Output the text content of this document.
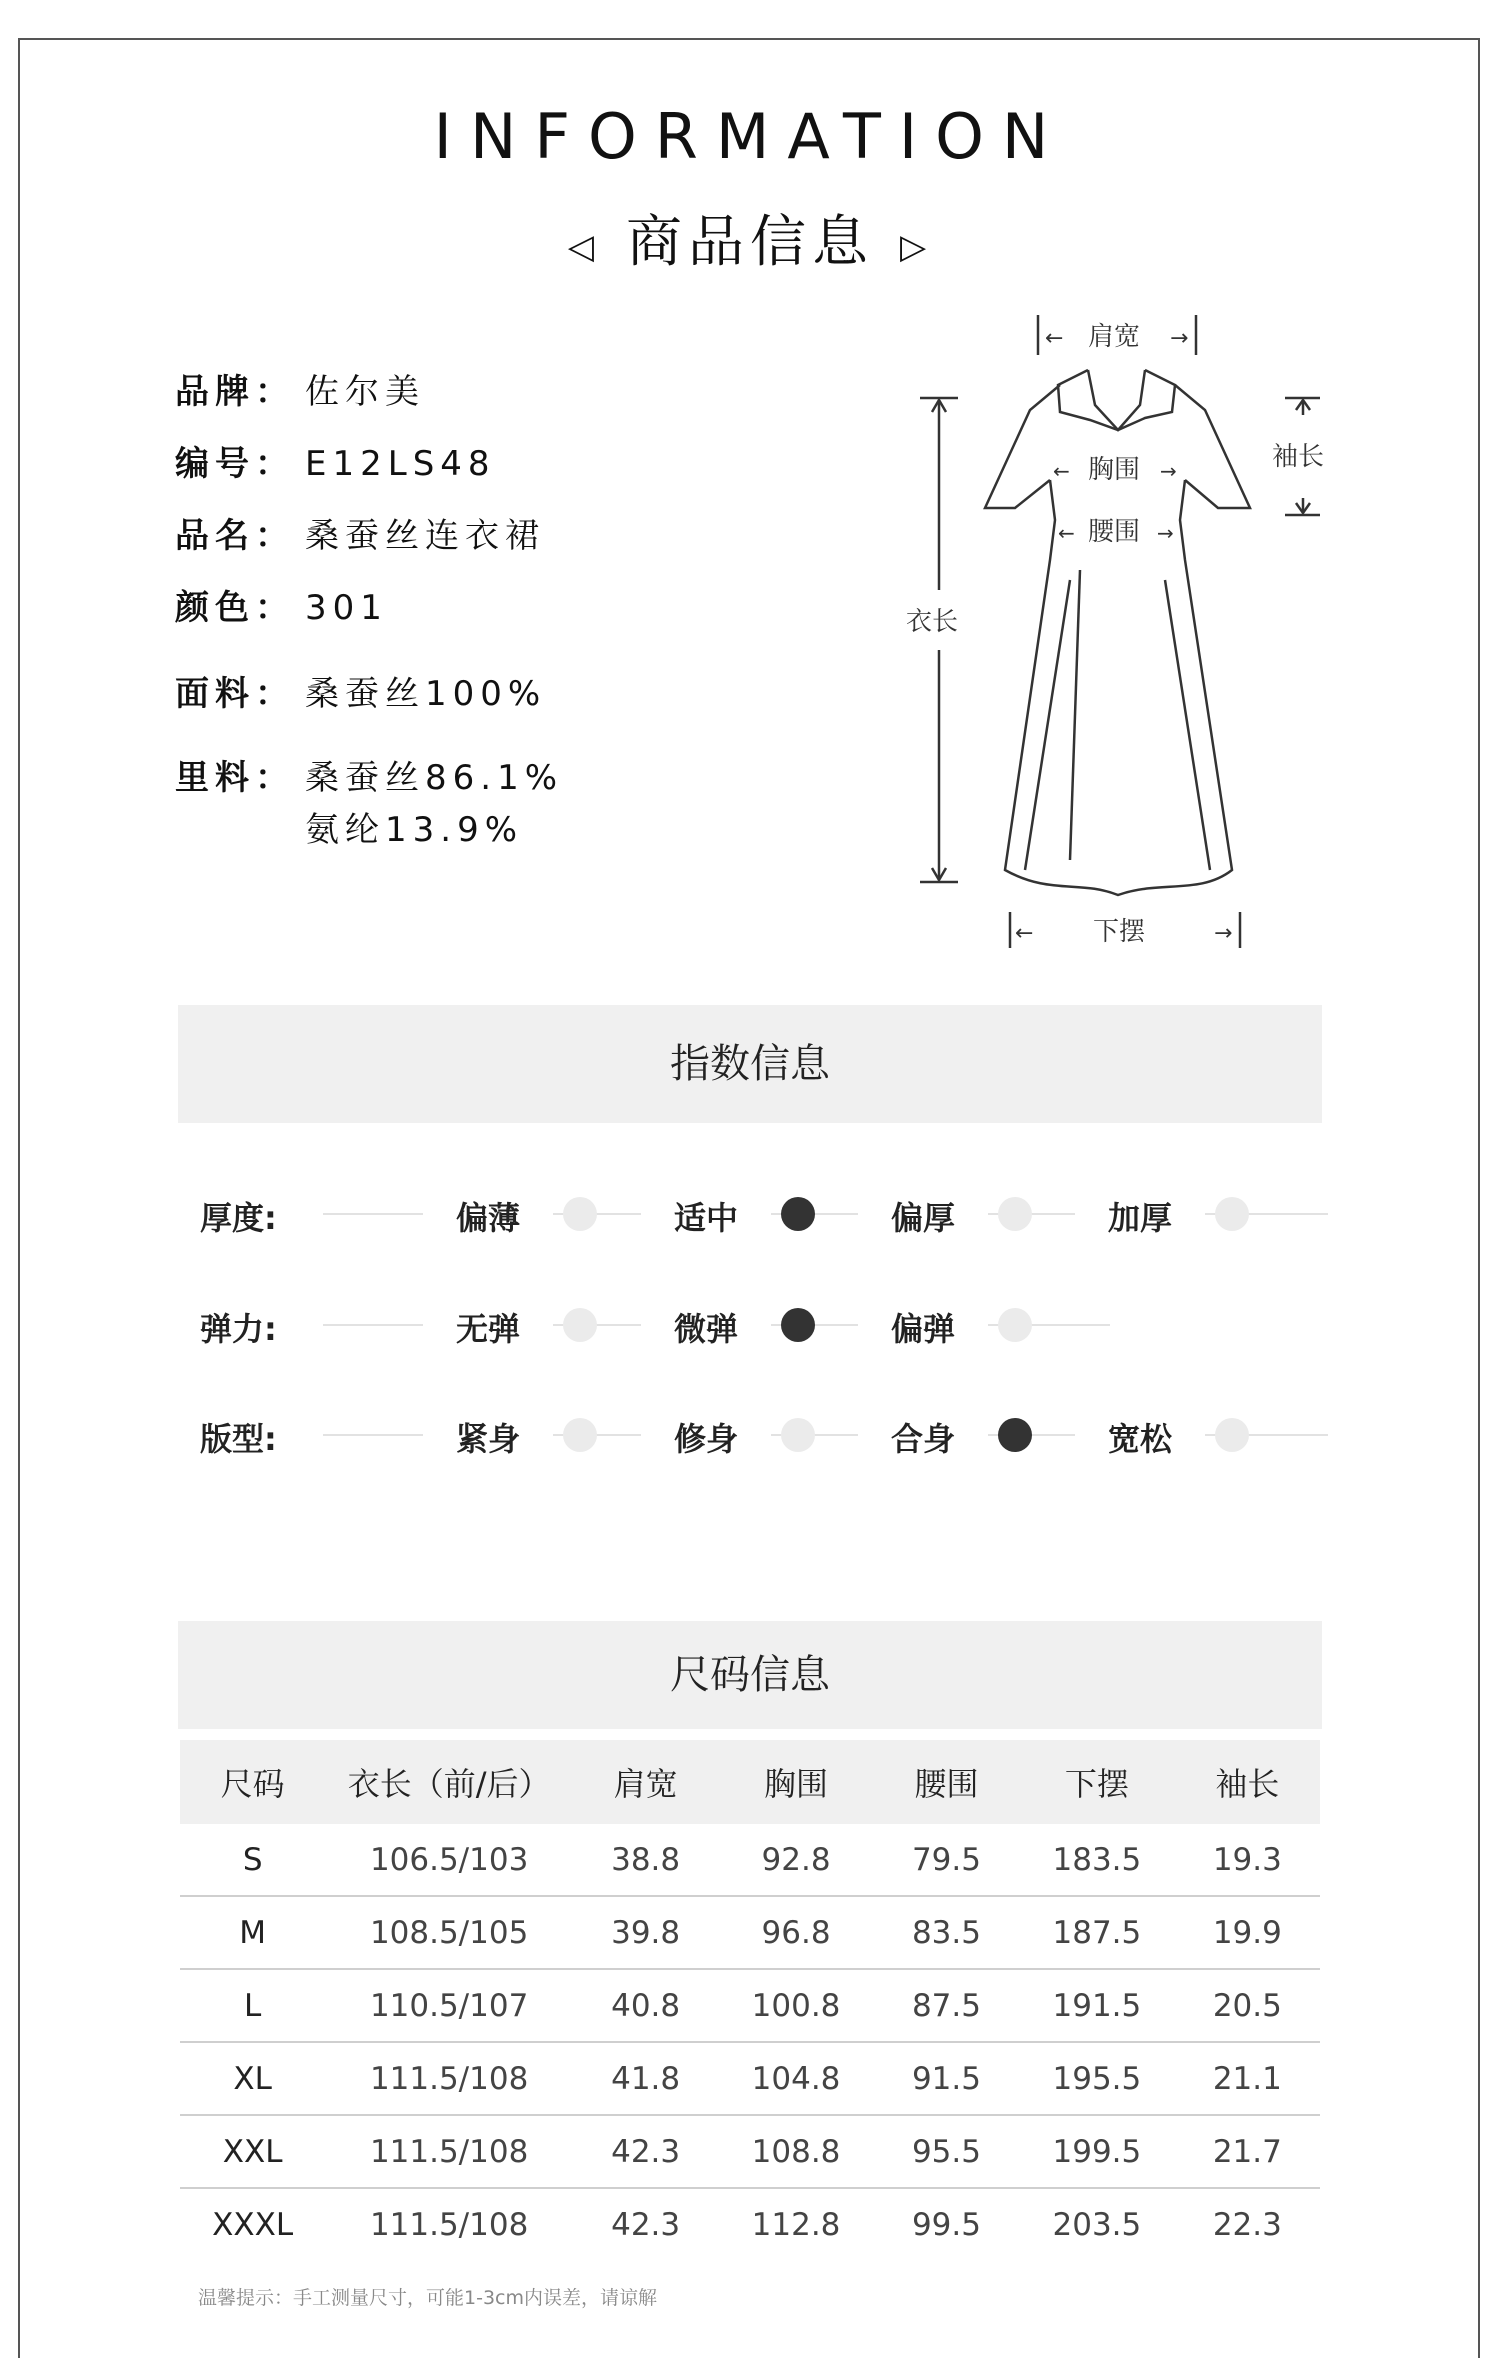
INFORMATION
◁ 商品信息 ▷
品牌： 佐尔美
编号： E12LS48
品名： 桑蚕丝连衣裙
颜色： 301
面料： 桑蚕丝100%
里料： 桑蚕丝86.1%
氨纶13.9%
←	→
肩宽
←	→
胸围
←	→
腰围
衣长
袖长
←	→
下摆
指数信息
厚度:	偏薄	适中	偏厚	加厚
弹力:	无弹	微弹	偏弹
版型:	紧身	修身	合身	宽松
尺码信息
尺码	衣长（前/后）	肩宽	胸围	腰围	下摆	袖长
S	106.5/103	38.8	92.8	79.5	183.5	19.3
M	108.5/105	39.8	96.8	83.5	187.5	19.9
L	110.5/107	40.8	100.8	87.5	191.5	20.5
XL	111.5/108	41.8	104.8	91.5	195.5	21.1
XXL	111.5/108	42.3	108.8	95.5	199.5	21.7
XXXL	111.5/108	42.3	112.8	99.5	203.5	22.3
温馨提示：手工测量尺寸，可能1-3cm内误差，请谅解
